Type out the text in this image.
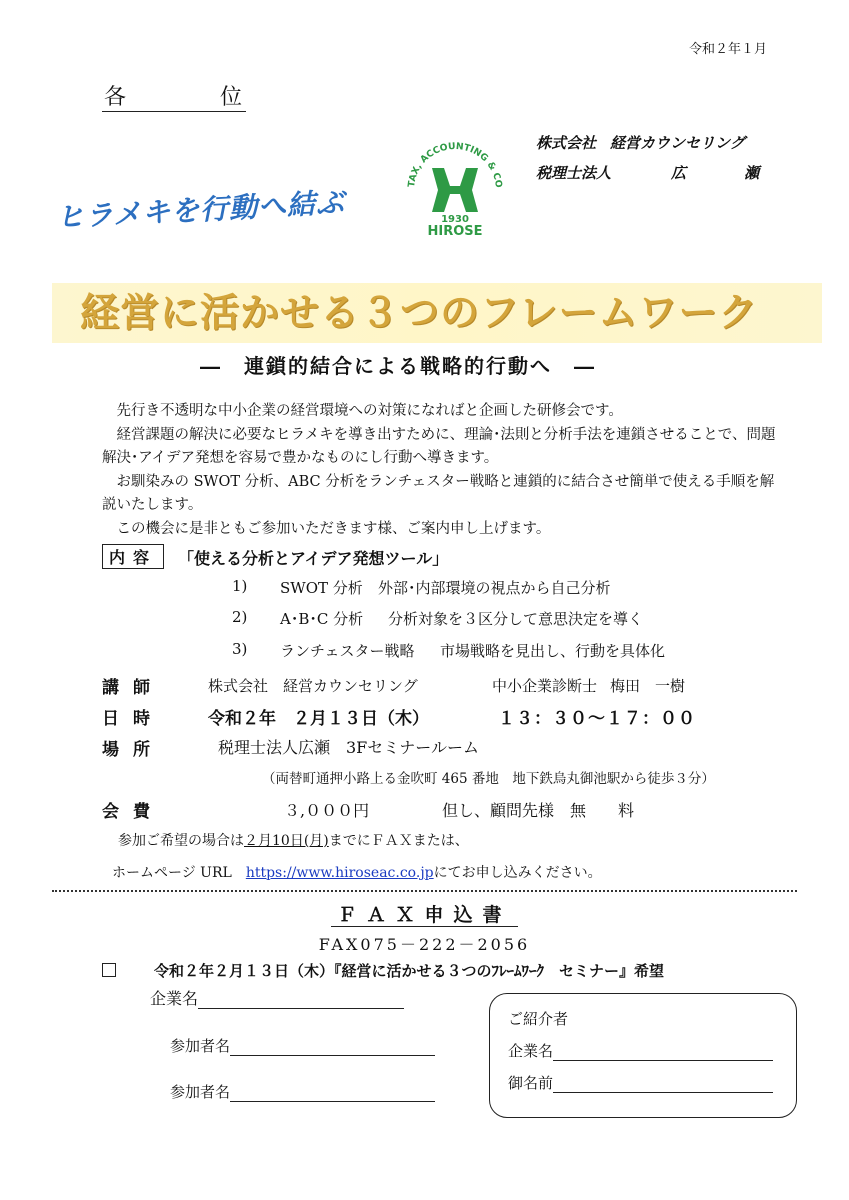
令和２年１月
各	位
株式会社 経営カウンセリング
税理士法人	広	瀬
TAX, ACCOUNTING & CO
1930
HIROSE
ヒラメキを行動へ結ぶ
経営に活かせる３つのフレームワーク
―　連鎖的結合による戦略的行動へ　―

先行き不透明な中小企業の経営環境への対策になればと企画した研修会です。

経営課題の解決に必要なヒラメキを導き出すために、理論･法則と分析手法を連鎖させることで、問題解決･アイデア発想を容易で豊かなものにし行動へ導きます。

お馴染みの SWOT 分析、ABC 分析をランチェスター戦略と連鎖的に結合させ簡単で使える手順を解説いたします。

この機会に是非ともご参加いただきます様、ご案内申し上げます。

内容	「使える分析とアイデア発想ツール」
1) SWOT 分析 外部･内部環境の視点から自己分析
2) A･B･C 分析 分析対象を３区分して意思決定を導く
3) ランチェスター戦略 市場戦略を見出し、行動を具体化
講師	株式会社　経営カウンセリング	中小企業診断士 梅田　一樹
日時	令和２年　２月１３日（木）	１３：３０～１７：００
場所	税理士法人広瀬　3Fセミナールーム
（両替町通押小路上る金吹町 465 番地　地下鉄烏丸御池駅から徒歩３分）
会費	３,０００円	但し、顧問先様　無　　料
参加ご希望の場合は２月10日(月)までにＦＡＸまたは、
ホームページ URL　 https://www.hiroseac.co.jpにてお申し込みください。
ＦＡＸ申込書
FAX075－222－2056
令和２年２月１３日（木）『経営に活かせる３つのﾌﾚｰﾑﾜｰｸ　セミナー』希望
企業名
参加者名
参加者名
ご紹介者
企業名
御名前
